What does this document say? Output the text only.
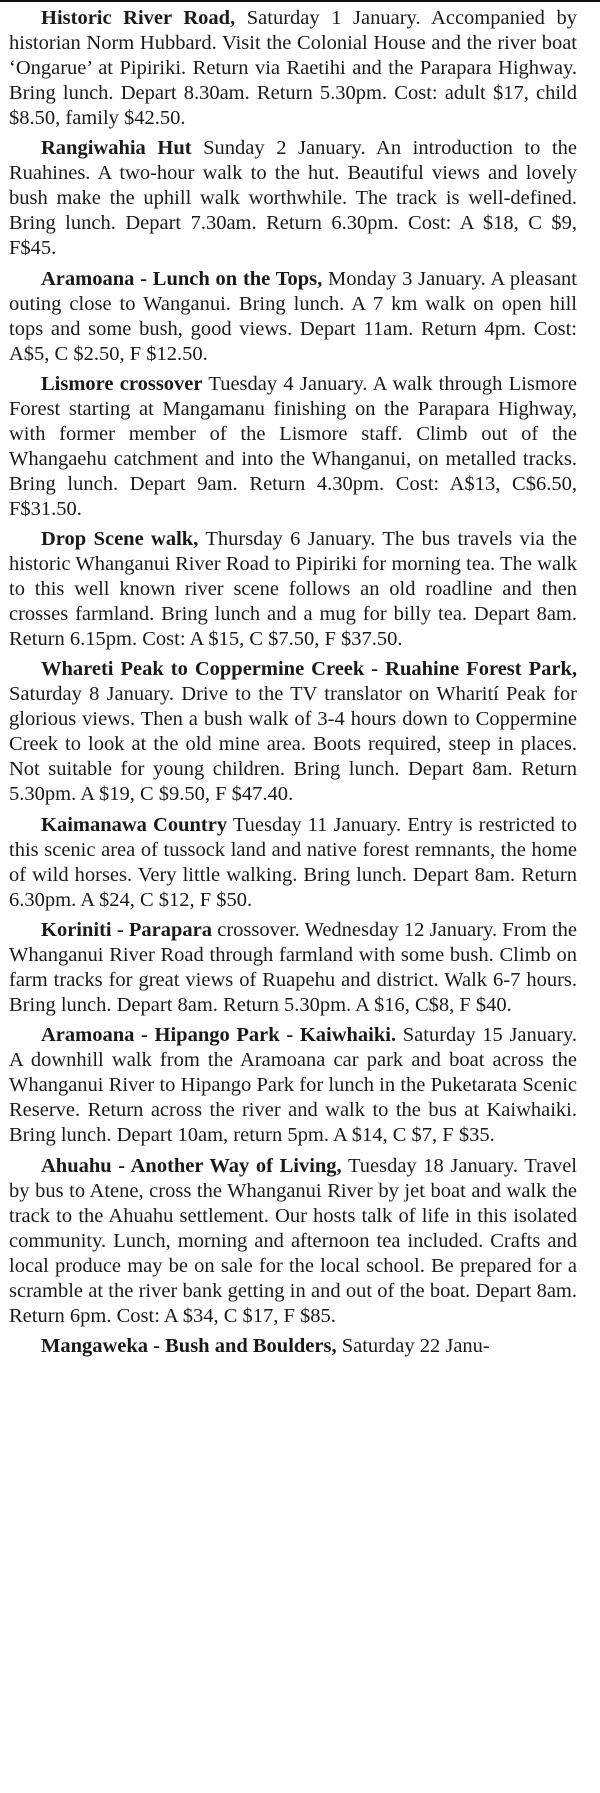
Historic River Road, Saturday 1 January. Accompanied by historian Norm Hubbard. Visit the Colonial House and the river boat ‘Ongarue’ at Pipiriki. Return via Raetihi and the Parapara Highway. Bring lunch. Depart 8.30am. Return 5.30pm. Cost: adult $17, child $8.50, family $42.50.

Rangiwahia Hut Sunday 2 January. An introduction to the Ruahines. A two-hour walk to the hut. Beautiful views and lovely bush make the uphill walk worthwhile. The track is well-defined. Bring lunch. Depart 7.30am. Return 6.30pm. Cost: A $18, C $9, F$45.

Aramoana - Lunch on the Tops, Monday 3 January. A pleasant outing close to Wanganui. Bring lunch. A 7 km walk on open hill tops and some bush, good views. Depart 11am. Return 4pm. Cost: A$5, C $2.50, F $12.50.

Lismore crossover Tuesday 4 January. A walk through Lismore Forest starting at Mangamanu finishing on the Parapara Highway, with former member of the Lismore staff. Climb out of the Whangaehu catchment and into the Whanganui, on metalled tracks. Bring lunch. Depart 9am. Return 4.30pm. Cost: A$13, C$6.50, F$31.50.

Drop Scene walk, Thursday 6 January. The bus travels via the historic Whanganui River Road to Pipiriki for morning tea. The walk to this well known river scene follows an old roadline and then crosses farmland. Bring lunch and a mug for billy tea. Depart 8am. Return 6.15pm. Cost: A $15, C $7.50, F $37.50.

Whareti Peak to Coppermine Creek - Ruahine Forest Park, Saturday 8 January. Drive to the TV translator on Wharití Peak for glorious views. Then a bush walk of 3-4 hours down to Coppermine Creek to look at the old mine area. Boots required, steep in places. Not suitable for young children. Bring lunch. Depart 8am. Return 5.30pm. A $19, C $9.50, F $47.40.

Kaimanawa Country Tuesday 11 January. Entry is restricted to this scenic area of tussock land and native forest remnants, the home of wild horses. Very little walking. Bring lunch. Depart 8am. Return 6.30pm. A $24, C $12, F $50.

Koriniti - Parapara crossover. Wednesday 12 January. From the Whanganui River Road through farmland with some bush. Climb on farm tracks for great views of Ruapehu and district. Walk 6-7 hours. Bring lunch. Depart 8am. Return 5.30pm. A $16, C$8, F $40.

Aramoana - Hipango Park - Kaiwhaiki. Saturday 15 January. A downhill walk from the Aramoana car park and boat across the Whanganui River to Hipango Park for lunch in the Puketarata Scenic Reserve. Return across the river and walk to the bus at Kaiwhaiki. Bring lunch. Depart 10am, return 5pm. A $14, C $7, F $35.

Ahuahu - Another Way of Living, Tuesday 18 January. Travel by bus to Atene, cross the Whanganui River by jet boat and walk the track to the Ahuahu settlement. Our hosts talk of life in this isolated community. Lunch, morning and afternoon tea included. Crafts and local produce may be on sale for the local school. Be prepared for a scramble at the river bank getting in and out of the boat. Depart 8am. Return 6pm. Cost: A $34, C $17, F $85.

Mangaweka - Bush and Boulders, Saturday 22 Janu-
